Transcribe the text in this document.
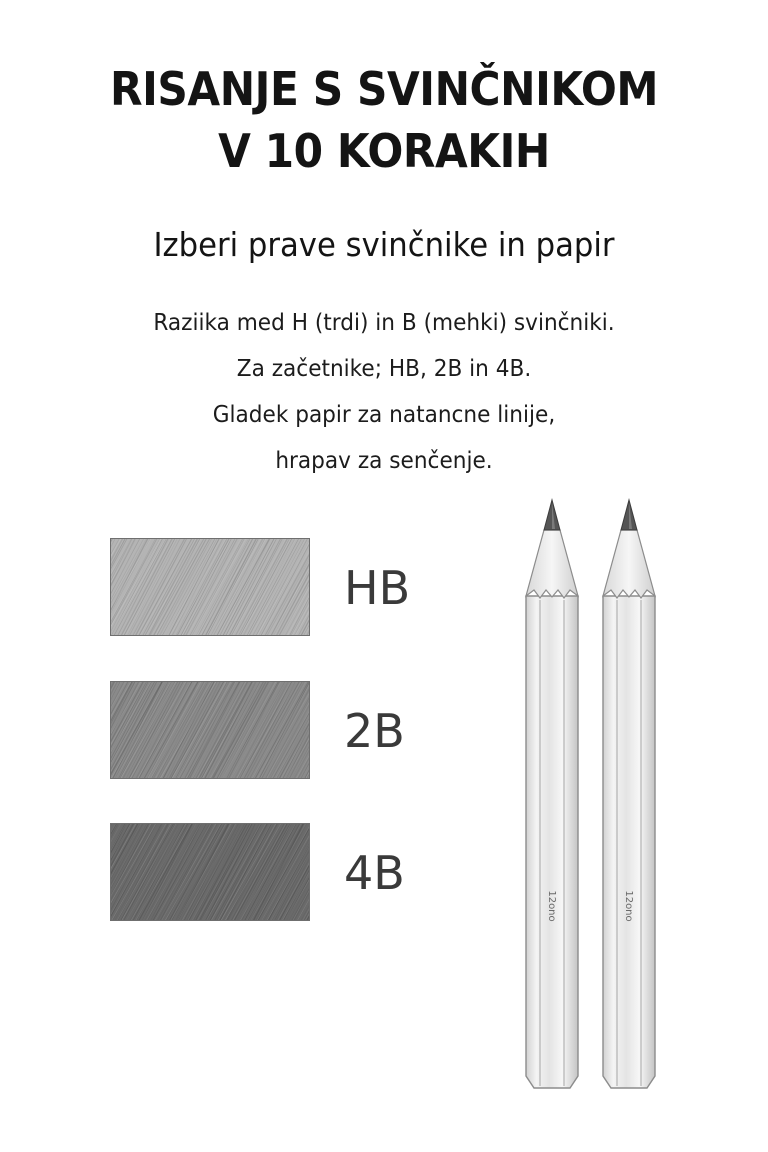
RISANJE S SVINČNIKOM
V 10 KORAKIH
Izberi prave svinčnike in papir
Raziika med H (trdi) in B (mehki) svinčniki.
Za začetnike; HB, 2B in 4B.
Gladek papir za natancne linije,
hrapav za senčenje.
HB
2B
4B
12ono	12ono
